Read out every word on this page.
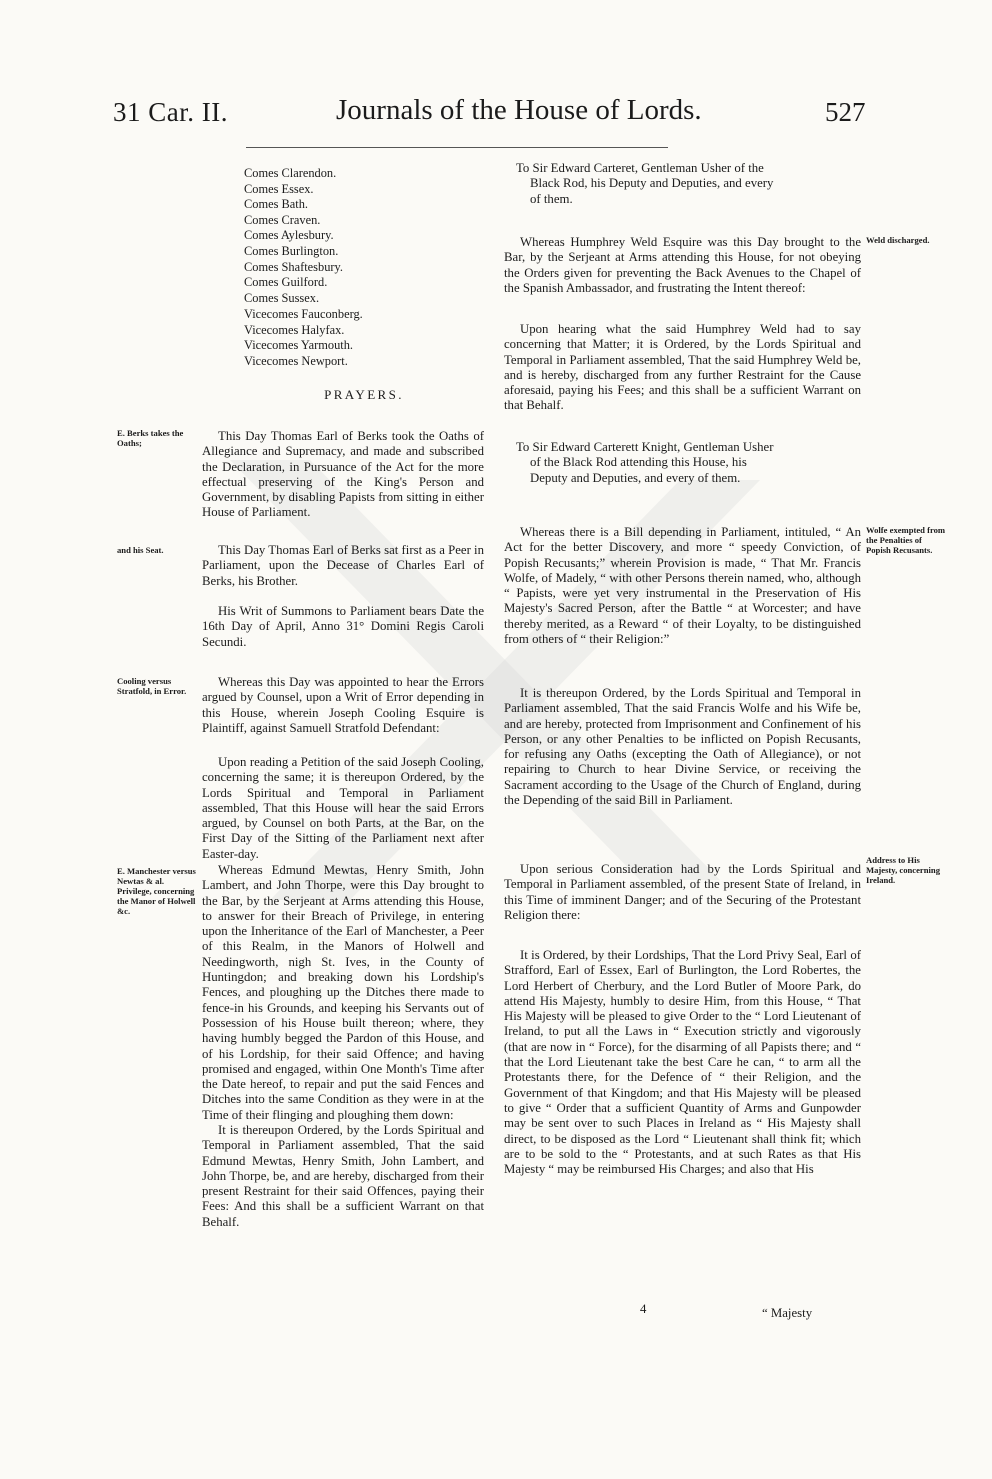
31 Car. II.	Journals of the House of Lords.	527
Comes Clarendon.
Comes Essex.
Comes Bath.
Comes Craven.
Comes Aylesbury.
Comes Burlington.
Comes Shaftesbury.
Comes Guilford.
Comes Sussex.
Vicecomes Fauconberg.
Vicecomes Halyfax.
Vicecomes Yarmouth.
Vicecomes Newport.
PRAYERS.
E. Berks takes the Oaths;
and his Seat.
Cooling versus Stratfold, in Error.
E. Manchester versus Newtas & al. Privilege, concerning the Manor of Holwell &c.

This Day Thomas Earl of Berks took the Oaths of Allegiance and Supremacy, and made and subscribed the Declaration, in Pursuance of the Act for the more effectual preserving of the King's Person and Government, by disabling Papists from sitting in either House of Parliament.

This Day Thomas Earl of Berks sat first as a Peer in Parliament, upon the Decease of Charles Earl of Berks, his Brother.

His Writ of Summons to Parliament bears Date the 16th Day of April, Anno 31° Domini Regis Caroli Secundi.

Whereas this Day was appointed to hear the Errors argued by Counsel, upon a Writ of Error depending in this House, wherein Joseph Cooling Esquire is Plaintiff, against Samuell Stratfold Defendant:

Upon reading a Petition of the said Joseph Cooling, concerning the same; it is thereupon Ordered, by the Lords Spiritual and Temporal in Parliament assembled, That this House will hear the said Errors argued, by Counsel on both Parts, at the Bar, on the First Day of the Sitting of the Parliament next after Easter-day.

Whereas Edmund Mewtas, Henry Smith, John Lambert, and John Thorpe, were this Day brought to the Bar, by the Serjeant at Arms attending this House, to answer for their Breach of Privilege, in entering upon the Inheritance of the Earl of Manchester, a Peer of this Realm, in the Manors of Holwell and Needingworth, nigh St. Ives, in the County of Huntingdon; and breaking down his Lordship's Fences, and ploughing up the Ditches there made to fence-in his Grounds, and keeping his Servants out of Possession of his House built thereon; where, they having humbly begged the Pardon of this House, and of his Lordship, for their said Offence; and having promised and engaged, within One Month's Time after the Date hereof, to repair and put the said Fences and Ditches into the same Condition as they were in at the Time of their flinging and ploughing them down:

It is thereupon Ordered, by the Lords Spiritual and Temporal in Parliament assembled, That the said Edmund Mewtas, Henry Smith, John Lambert, and John Thorpe, be, and are hereby, discharged from their present Restraint for their said Offences, paying their Fees: And this shall be a sufficient Warrant on that Behalf.

Weld discharged.
Wolfe exempted from the Penalties of Popish Recusants.
Address to His Majesty, concerning Ireland.

To Sir Edward Carteret, Gentleman Usher of the Black Rod, his Deputy and Deputies, and every of them.

Whereas Humphrey Weld Esquire was this Day brought to the Bar, by the Serjeant at Arms attending this House, for not obeying the Orders given for preventing the Back Avenues to the Chapel of the Spanish Ambassador, and frustrating the Intent thereof:

Upon hearing what the said Humphrey Weld had to say concerning that Matter; it is Ordered, by the Lords Spiritual and Temporal in Parliament assembled, That the said Humphrey Weld be, and is hereby, discharged from any further Restraint for the Cause aforesaid, paying his Fees; and this shall be a sufficient Warrant on that Behalf.

To Sir Edward Carterett Knight, Gentleman Usher of the Black Rod attending this House, his Deputy and Deputies, and every of them.

Whereas there is a Bill depending in Parliament, intituled, “ An Act for the better Discovery, and more “ speedy Conviction, of Popish Recusants;” wherein Provision is made, “ That Mr. Francis Wolfe, of Madely, “ with other Persons therein named, who, although “ Papists, were yet very instrumental in the Preservation of His Majesty's Sacred Person, after the Battle “ at Worcester; and have thereby merited, as a Reward “ of their Loyalty, to be distinguished from others of “ their Religion:”

It is thereupon Ordered, by the Lords Spiritual and Temporal in Parliament assembled, That the said Francis Wolfe and his Wife be, and are hereby, protected from Imprisonment and Confinement of his Person, or any other Penalties to be inflicted on Popish Recusants, for refusing any Oaths (excepting the Oath of Allegiance), or not repairing to Church to hear Divine Service, or receiving the Sacrament according to the Usage of the Church of England, during the Depending of the said Bill in Parliament.

Upon serious Consideration had by the Lords Spiritual and Temporal in Parliament assembled, of the present State of Ireland, in this Time of imminent Danger; and of the Securing of the Protestant Religion there:

It is Ordered, by their Lordships, That the Lord Privy Seal, Earl of Strafford, Earl of Essex, Earl of Burlington, the Lord Robertes, the Lord Herbert of Cherbury, and the Lord Butler of Moore Park, do attend His Majesty, humbly to desire Him, from this House, “ That His Majesty will be pleased to give Order to the “ Lord Lieutenant of Ireland, to put all the Laws in “ Execution strictly and vigorously (that are now in “ Force), for the disarming of all Papists there; and “ that the Lord Lieutenant take the best Care he can, “ to arm all the Protestants there, for the Defence of “ their Religion, and the Government of that Kingdom; and that His Majesty will be pleased to give “ Order that a sufficient Quantity of Arms and Gunpowder may be sent over to such Places in Ireland as “ His Majesty shall direct, to be disposed as the Lord “ Lieutenant shall think fit; which are to be sold to the “ Protestants, and at such Rates as that His Majesty “ may be reimbursed His Charges; and also that His

4	“ Majesty
